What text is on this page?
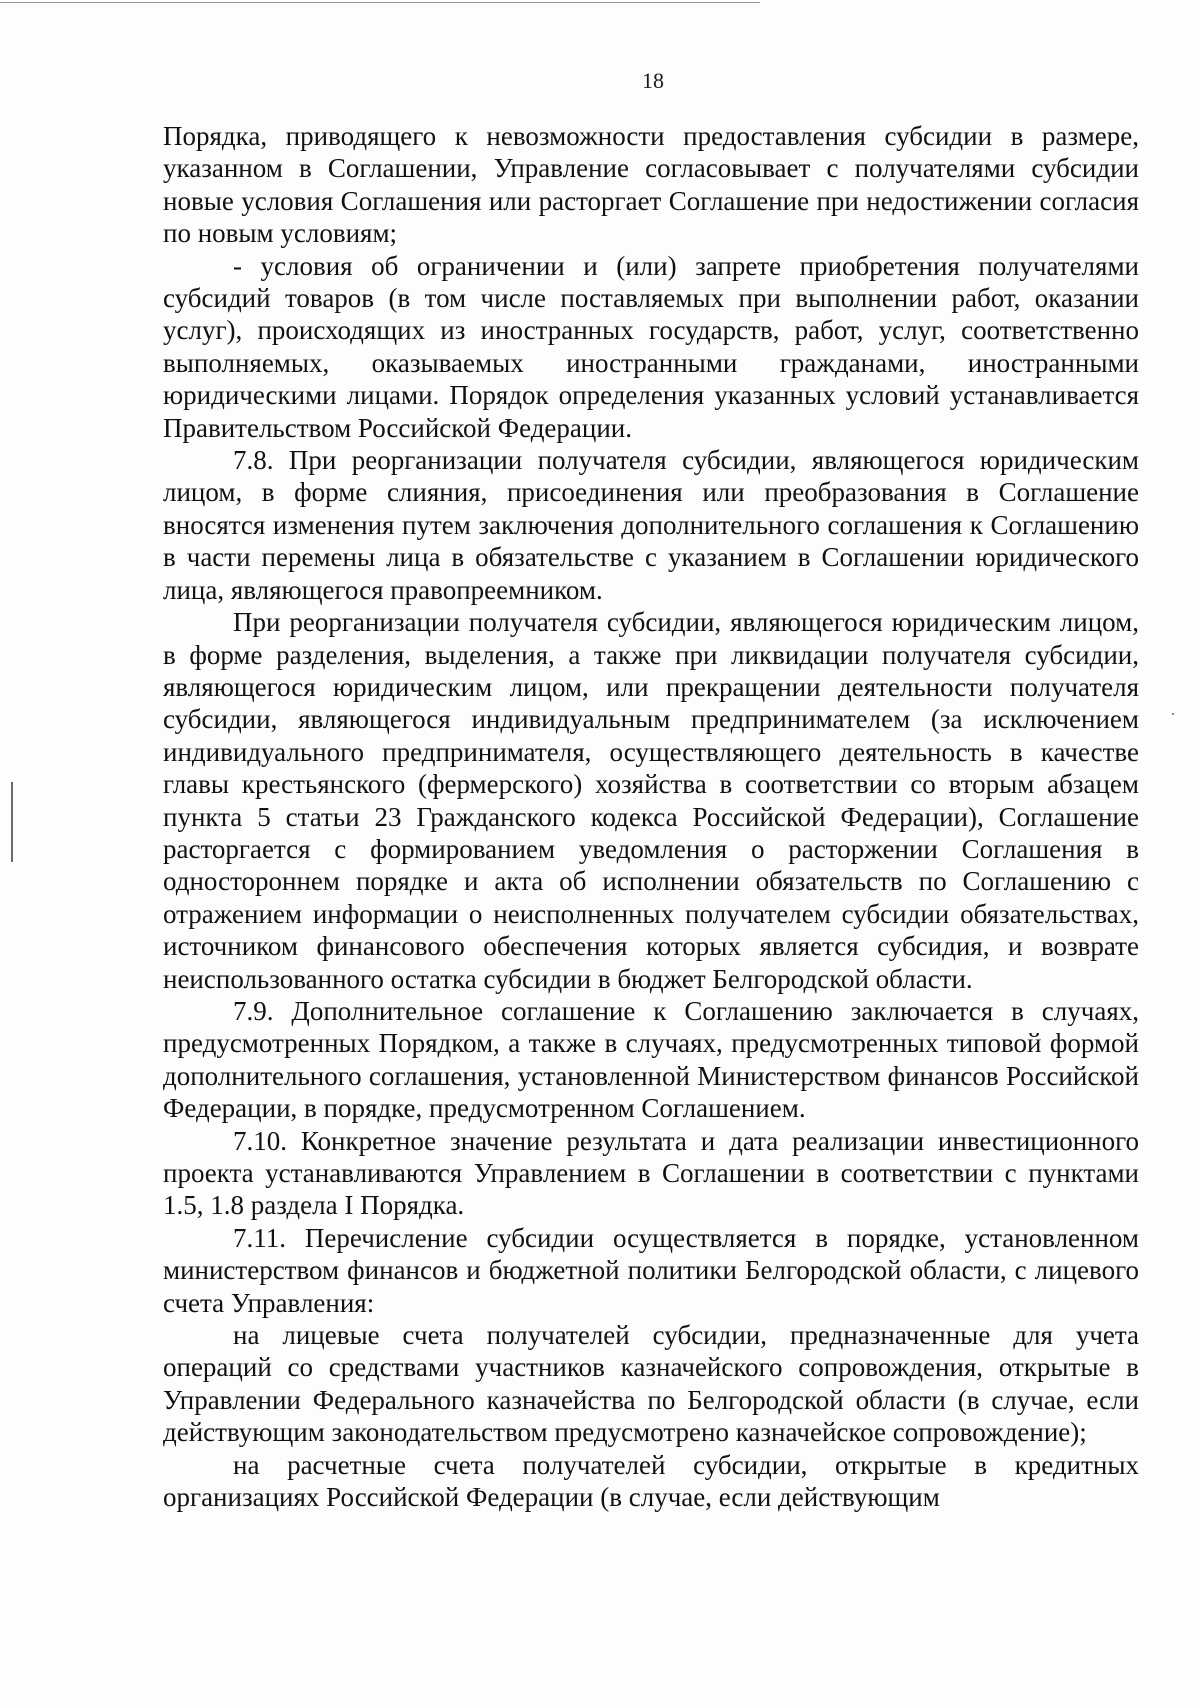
18

Порядка, приводящего к невозможности предоставления субсидии в размере, указанном в Соглашении, Управление согласовывает с получателями субсидии новые условия Соглашения или расторгает Соглашение при недостижении согласия по новым условиям;

- условия об ограничении и (или) запрете приобретения получателями субсидий товаров (в том числе поставляемых при выполнении работ, оказании услуг), происходящих из иностранных государств, работ, услуг, соответственно выполняемых, оказываемых иностранными гражданами, иностранными юридическими лицами. Порядок определения указанных условий устанавливается Правительством Российской Федерации.

7.8. При реорганизации получателя субсидии, являющегося юридическим лицом, в форме слияния, присоединения или преобразования в Соглашение вносятся изменения путем заключения дополнительного соглашения к Соглашению в части перемены лица в обязательстве с указанием в Соглашении юридического лица, являющегося правопреемником.

При реорганизации получателя субсидии, являющегося юридическим лицом, в форме разделения, выделения, а также при ликвидации получателя субсидии, являющегося юридическим лицом, или прекращении деятельности получателя субсидии, являющегося индивидуальным предпринимателем (за исключением индивидуального предпринимателя, осуществляющего деятельность в качестве главы крестьянского (фермерского) хозяйства в соответствии со вторым абзацем пункта 5 статьи 23 Гражданского кодекса Российской Федерации), Соглашение расторгается с формированием уведомления о расторжении Соглашения в одностороннем порядке и акта об исполнении обязательств по Соглашению с отражением информации о неисполненных получателем субсидии обязательствах, источником финансового обеспечения которых является субсидия, и возврате неиспользованного остатка субсидии в бюджет Белгородской области.

7.9. Дополнительное соглашение к Соглашению заключается в случаях, предусмотренных Порядком, а также в случаях, предусмотренных типовой формой дополнительного соглашения, установленной Министерством финансов Российской Федерации, в порядке, предусмотренном Соглашением.

7.10. Конкретное значение результата и дата реализации инвестиционного проекта устанавливаются Управлением в Соглашении в соответствии с пунктами 1.5, 1.8 раздела I Порядка.

7.11. Перечисление субсидии осуществляется в порядке, установленном министерством финансов и бюджетной политики Белгородской области, с лицевого счета Управления:

на лицевые счета получателей субсидии, предназначенные для учета операций со средствами участников казначейского сопровождения, открытые в Управлении Федерального казначейства по Белгородской области (в случае, если действующим законодательством предусмотрено казначейское сопровождение);

на расчетные счета получателей субсидии, открытые в кредитных организациях Российской Федерации (в случае, если действующим
